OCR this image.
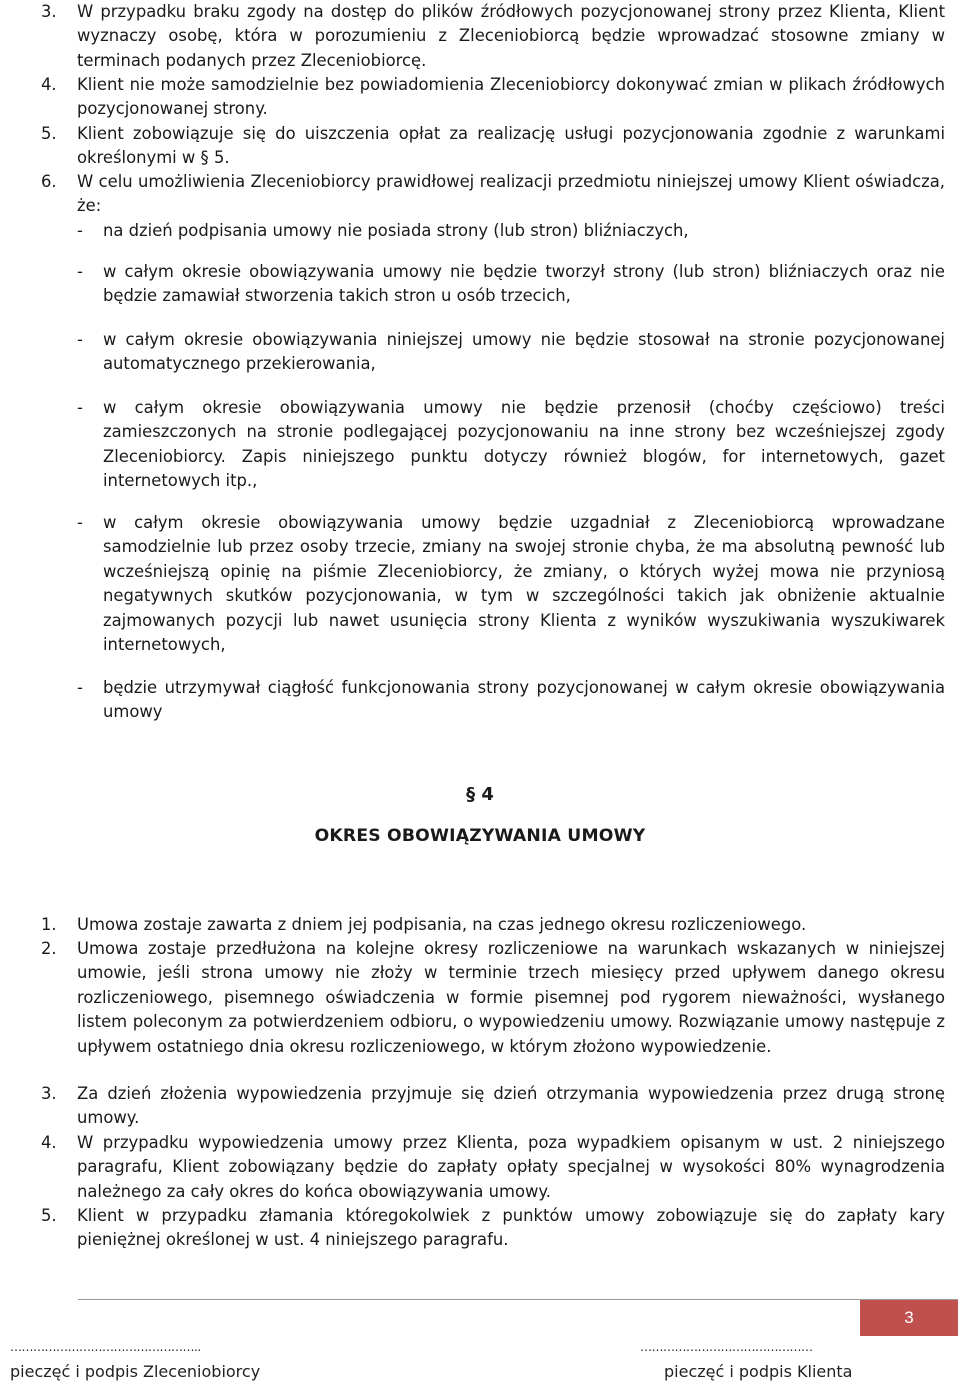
3. W przypadku braku zgody na dostęp do plików źródłowych pozycjonowanej strony przez Klienta, Klient wyznaczy osobę, która w porozumieniu z Zleceniobiorcą będzie wprowadzać stosowne zmiany w terminach podanych przez Zleceniobiorcę.
4. Klient nie może samodzielnie bez powiadomienia Zleceniobiorcy dokonywać zmian w plikach źródłowych pozycjonowanej strony.
5. Klient zobowiązuje się do uiszczenia opłat za realizację usługi pozycjonowania zgodnie z warunkami określonymi w § 5.
6. W celu umożliwienia Zleceniobiorcy prawidłowej realizacji przedmiotu niniejszej umowy Klient oświadcza, że:
na dzień podpisania umowy nie posiada strony (lub stron) bliźniaczych,
-
-	w całym okresie obowiązywania umowy nie będzie tworzył strony (lub stron) bliźniaczych oraz nie będzie zamawiał stworzenia takich stron u osób trzecich,
-	w całym okresie obowiązywania niniejszej umowy nie będzie stosował na stronie pozycjonowanej automatycznego przekierowania,
-	w całym okresie obowiązywania umowy nie będzie przenosił (choćby częściowo) treści zamieszczonych na stronie podlegającej pozycjonowaniu na inne strony bez wcześniejszej zgody Zleceniobiorcy. Zapis niniejszego punktu dotyczy również blogów, for internetowych, gazet internetowych itp.,
-	w całym okresie obowiązywania umowy będzie uzgadniał z Zleceniobiorcą wprowadzane samodzielnie lub przez osoby trzecie, zmiany na swojej stronie chyba, że ma absolutną pewność lub wcześniejszą opinię na piśmie Zleceniobiorcy, że zmiany, o których wyżej mowa nie przyniosą negatywnych skutków pozycjonowania, w tym w szczególności takich jak obniżenie aktualnie zajmowanych pozycji lub nawet usunięcia strony Klienta z wyników wyszukiwania wyszukiwarek internetowych,
-	będzie utrzymywał ciągłość funkcjonowania strony pozycjonowanej w całym okresie obowiązywania umowy
§ 4
OKRES OBOWIĄZYWANIA UMOWY
1. Umowa zostaje zawarta z dniem jej podpisania, na czas jednego okresu rozliczeniowego.
2. Umowa zostaje przedłużona na kolejne okresy rozliczeniowe na warunkach wskazanych w niniejszej umowie, jeśli strona umowy nie złoży w terminie trzech miesięcy przed upływem danego okresu rozliczeniowego, pisemnego oświadczenia w formie pisemnej pod rygorem nieważności, wysłanego listem poleconym za potwierdzeniem odbioru, o wypowiedzeniu umowy. Rozwiązanie umowy następuje z upływem ostatniego dnia okresu rozliczeniowego, w którym złożono wypowiedzenie.
3. Za dzień złożenia wypowiedzenia przyjmuje się dzień otrzymania wypowiedzenia przez drugą stronę umowy.
4. W przypadku wypowiedzenia umowy przez Klienta, poza wypadkiem opisanym w ust. 2 niniejszego paragrafu, Klient zobowiązany będzie do zapłaty opłaty specjalnej w wysokości 80% wynagrodzenia należnego za cały okres do końca obowiązywania umowy.
5. Klient w przypadku złamania któregokolwiek z punktów umowy zobowiązuje się do zapłaty kary pieniężnej określonej w ust. 4 niniejszego paragrafu.
3
…………………………………………..	………………………………………
pieczęć i podpis Zleceniobiorcy	pieczęć i podpis Klienta
